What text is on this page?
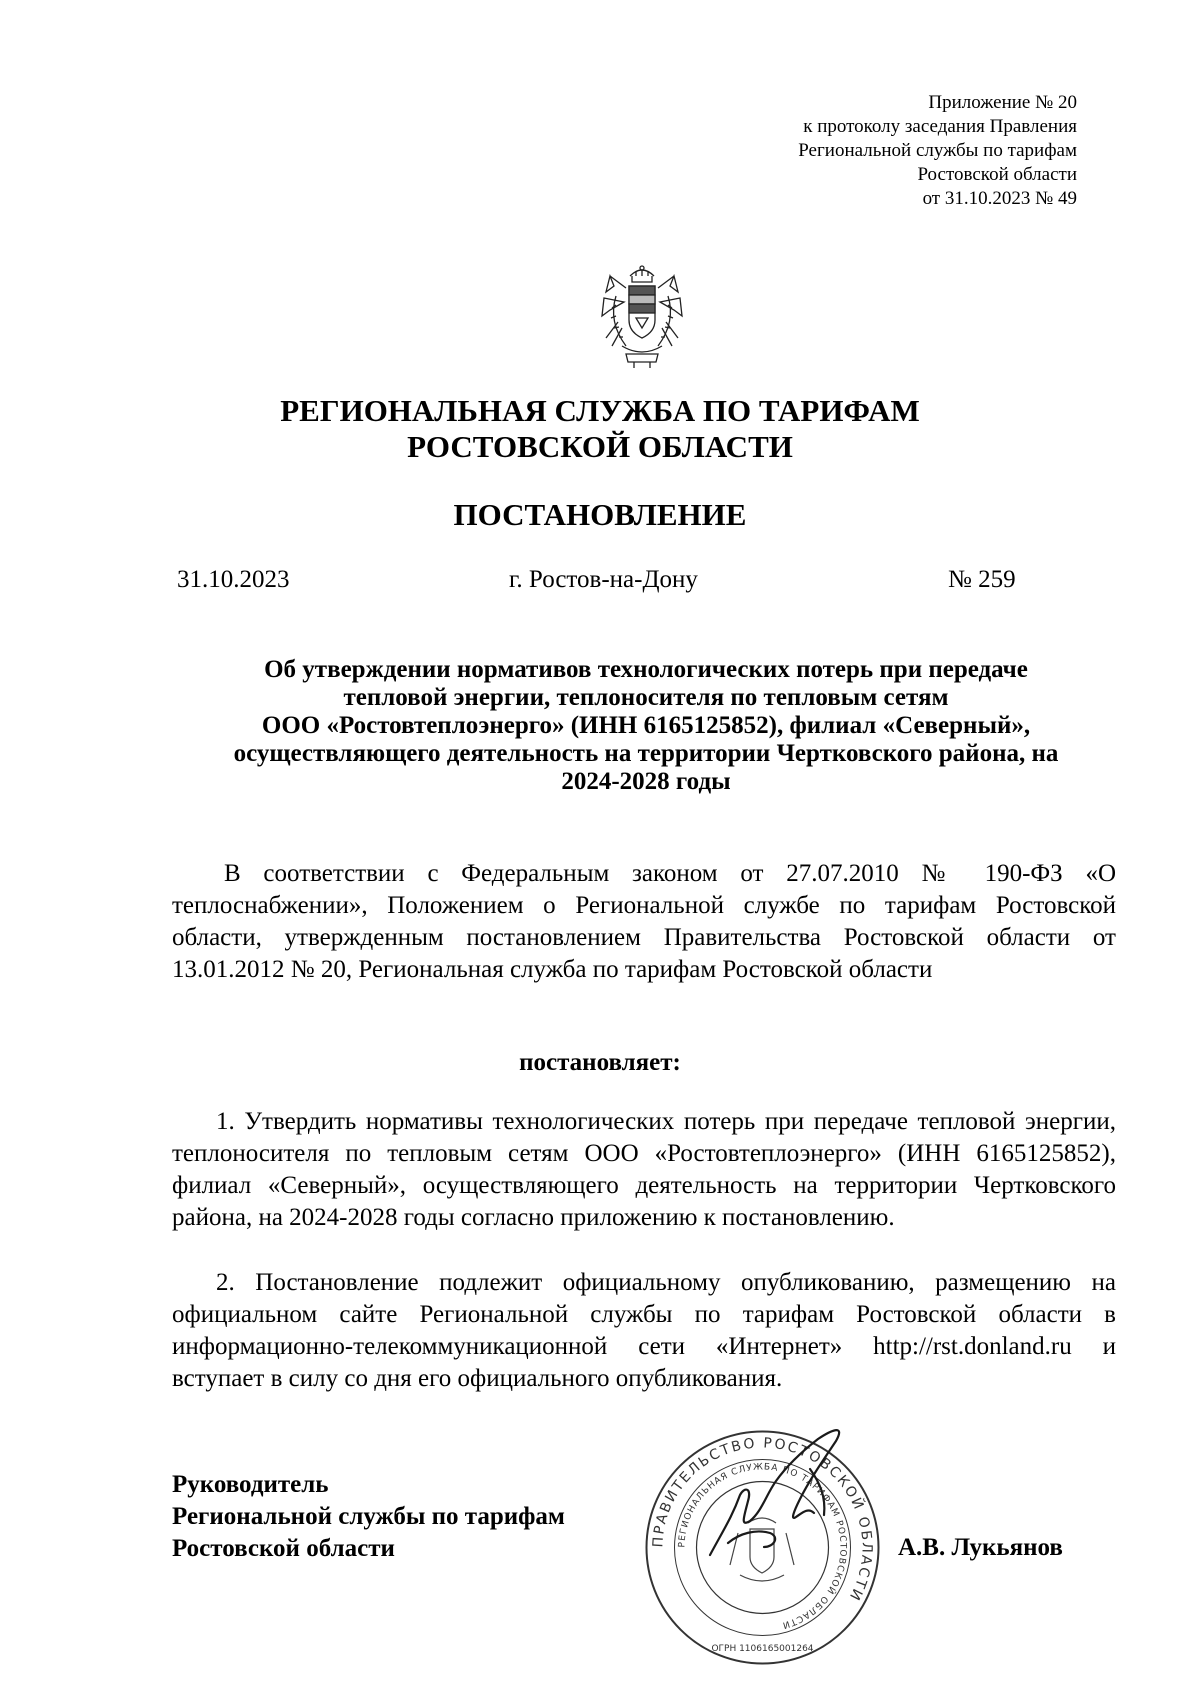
Приложение № 20
к протоколу заседания Правления
Региональной службы по тарифам
Ростовской области
от 31.10.2023 № 49
РЕГИОНАЛЬНАЯ СЛУЖБА ПО ТАРИФАМ
РОСТОВСКОЙ ОБЛАСТИ
ПОСТАНОВЛЕНИЕ
31.10.2023	г. Ростов-на-Дону	№ 259
Об утверждении нормативов технологических потерь при передаче
тепловой энергии, теплоносителя по тепловым сетям
ООО «Ростовтеплоэнерго» (ИНН 6165125852), филиал «Северный»,
осуществляющего деятельность на территории Чертковского района, на
2024-2028 годы

В соответствии с Федеральным законом от 27.07.2010 № 190-ФЗ «О теплоснабжении», Положением о Региональной службе по тарифам Ростовской области, утвержденным постановлением Правительства Ростовской области от 13.01.2012 № 20, Региональная служба по тарифам Ростовской области

постановляет:

1. Утвердить нормативы технологических потерь при передаче тепловой энергии, теплоносителя по тепловым сетям ООО «Ростовтеплоэнерго» (ИНН 6165125852), филиал «Северный», осуществляющего деятельность на территории Чертковского района, на 2024-2028 годы согласно приложению к постановлению.

2. Постановление подлежит официальному опубликованию, размещению на официальном сайте Региональной службы по тарифам Ростовской области в информационно-телекоммуникационной сети «Интернет» http://rst.donland.ru и вступает в силу со дня его официального опубликования.

Руководитель
Региональной службы по тарифам
Ростовской области	ПРАВИТЕЛЬСТВО РОСТОВСКОЙ ОБЛАСТИ
РЕГИОНАЛЬНАЯ СЛУЖБА ПО ТАРИФАМ РОСТОВСКОЙ ОБЛАСТИ
ОГРН 1106165001264
А.В. Лукьянов
